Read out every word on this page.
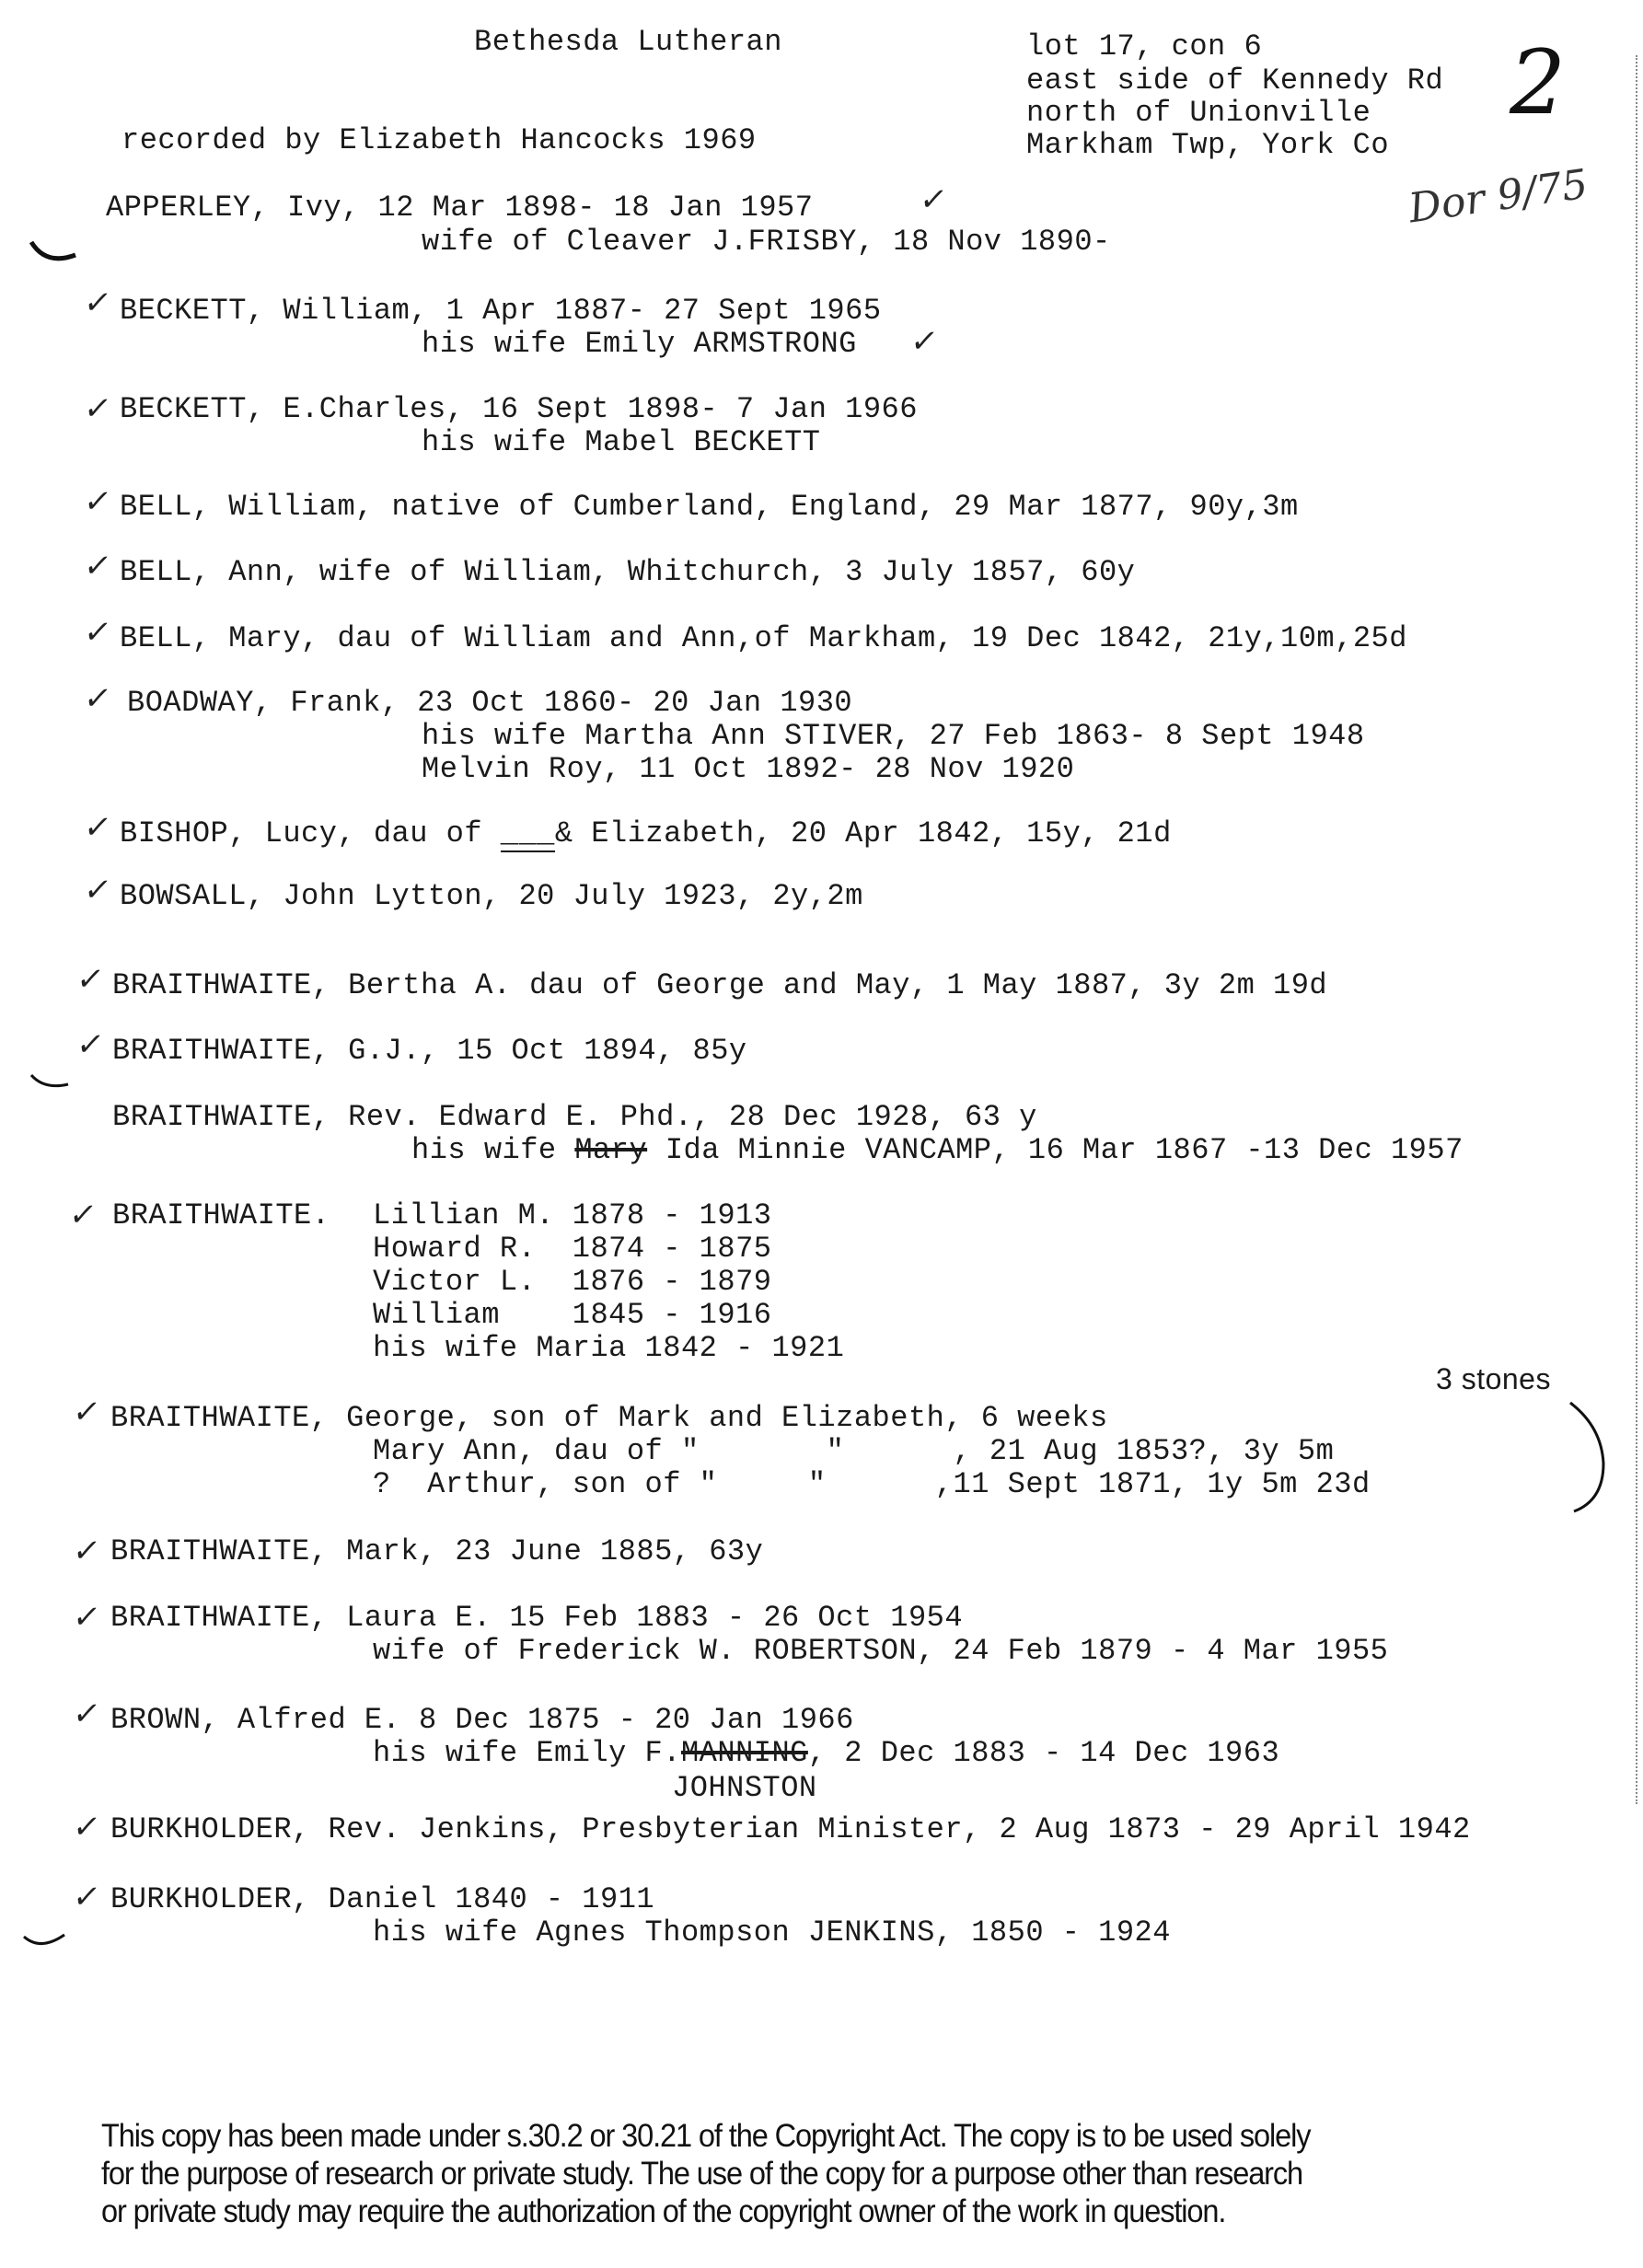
Bethesda Lutheran
recorded by Elizabeth Hancocks 1969
lot 17, con 6
east side of Kennedy Rd
north of Unionville
Markham Twp, York Co
2
Dor 9/75
APPERLEY, Ivy, 12 Mar 1898- 18 Jan 1957
wife of Cleaver J.FRISBY, 18 Nov 1890-
✓
✓ BECKETT, William, 1 Apr 1887- 27 Sept 1965
his wife Emily ARMSTRONG ✓
✓ BECKETT, E.Charles, 16 Sept 1898- 7 Jan 1966
his wife Mabel BECKETT
✓ BELL, William, native of Cumberland, England, 29 Mar 1877, 90y,3m
✓ BELL, Ann, wife of William, Whitchurch, 3 July 1857, 60y
✓ BELL, Mary, dau of William and Ann,of Markham, 19 Dec 1842, 21y,10m,25d
✓ BOADWAY, Frank, 23 Oct 1860- 20 Jan 1930
his wife Martha Ann STIVER, 27 Feb 1863- 8 Sept 1948
Melvin Roy, 11 Oct 1892- 28 Nov 1920
✓ BISHOP, Lucy, dau of ___& Elizabeth, 20 Apr 1842, 15y, 21d
✓ BOWSALL, John Lytton, 20 July 1923, 2y,2m
✓ BRAITHWAITE, Bertha A. dau of George and May, 1 May 1887, 3y 2m 19d
✓ BRAITHWAITE, G.J., 15 Oct 1894, 85y
BRAITHWAITE, Rev. Edward E. Phd., 28 Dec 1928, 63 y
his wife Mary Ida Minnie VANCAMP, 16 Mar 1867 -13 Dec 1957
✓ BRAITHWAITE. Lillian M. 1878 - 1913
Howard R.  1874 - 1875
Victor L.  1876 - 1879
William    1845 - 1916
his wife Maria 1842 - 1921
✓ BRAITHWAITE, George, son of Mark and Elizabeth, 6 weeks
Mary Ann, dau of "       "      , 21 Aug 1853?, 3y 5m
?  Arthur, son of "     "      ,11 Sept 1871, 1y 5m 23d
3 stones
✓ BRAITHWAITE, Mark, 23 June 1885, 63y
✓ BRAITHWAITE, Laura E. 15 Feb 1883 - 26 Oct 1954
wife of Frederick W. ROBERTSON, 24 Feb 1879 - 4 Mar 1955
✓ BROWN, Alfred E. 8 Dec 1875 - 20 Jan 1966
his wife Emily F.MANNING, 2 Dec 1883 - 14 Dec 1963
JOHNSTON
✓ BURKHOLDER, Rev. Jenkins, Presbyterian Minister, 2 Aug 1873 - 29 April 1942
✓ BURKHOLDER, Daniel 1840 - 1911
his wife Agnes Thompson JENKINS, 1850 - 1924
This copy has been made under s.30.2 or 30.21 of the Copyright Act. The copy is to be used solely
for the purpose of research or private study. The use of the copy for a purpose other than research
or private study may require the authorization of the copyright owner of the work in question.
